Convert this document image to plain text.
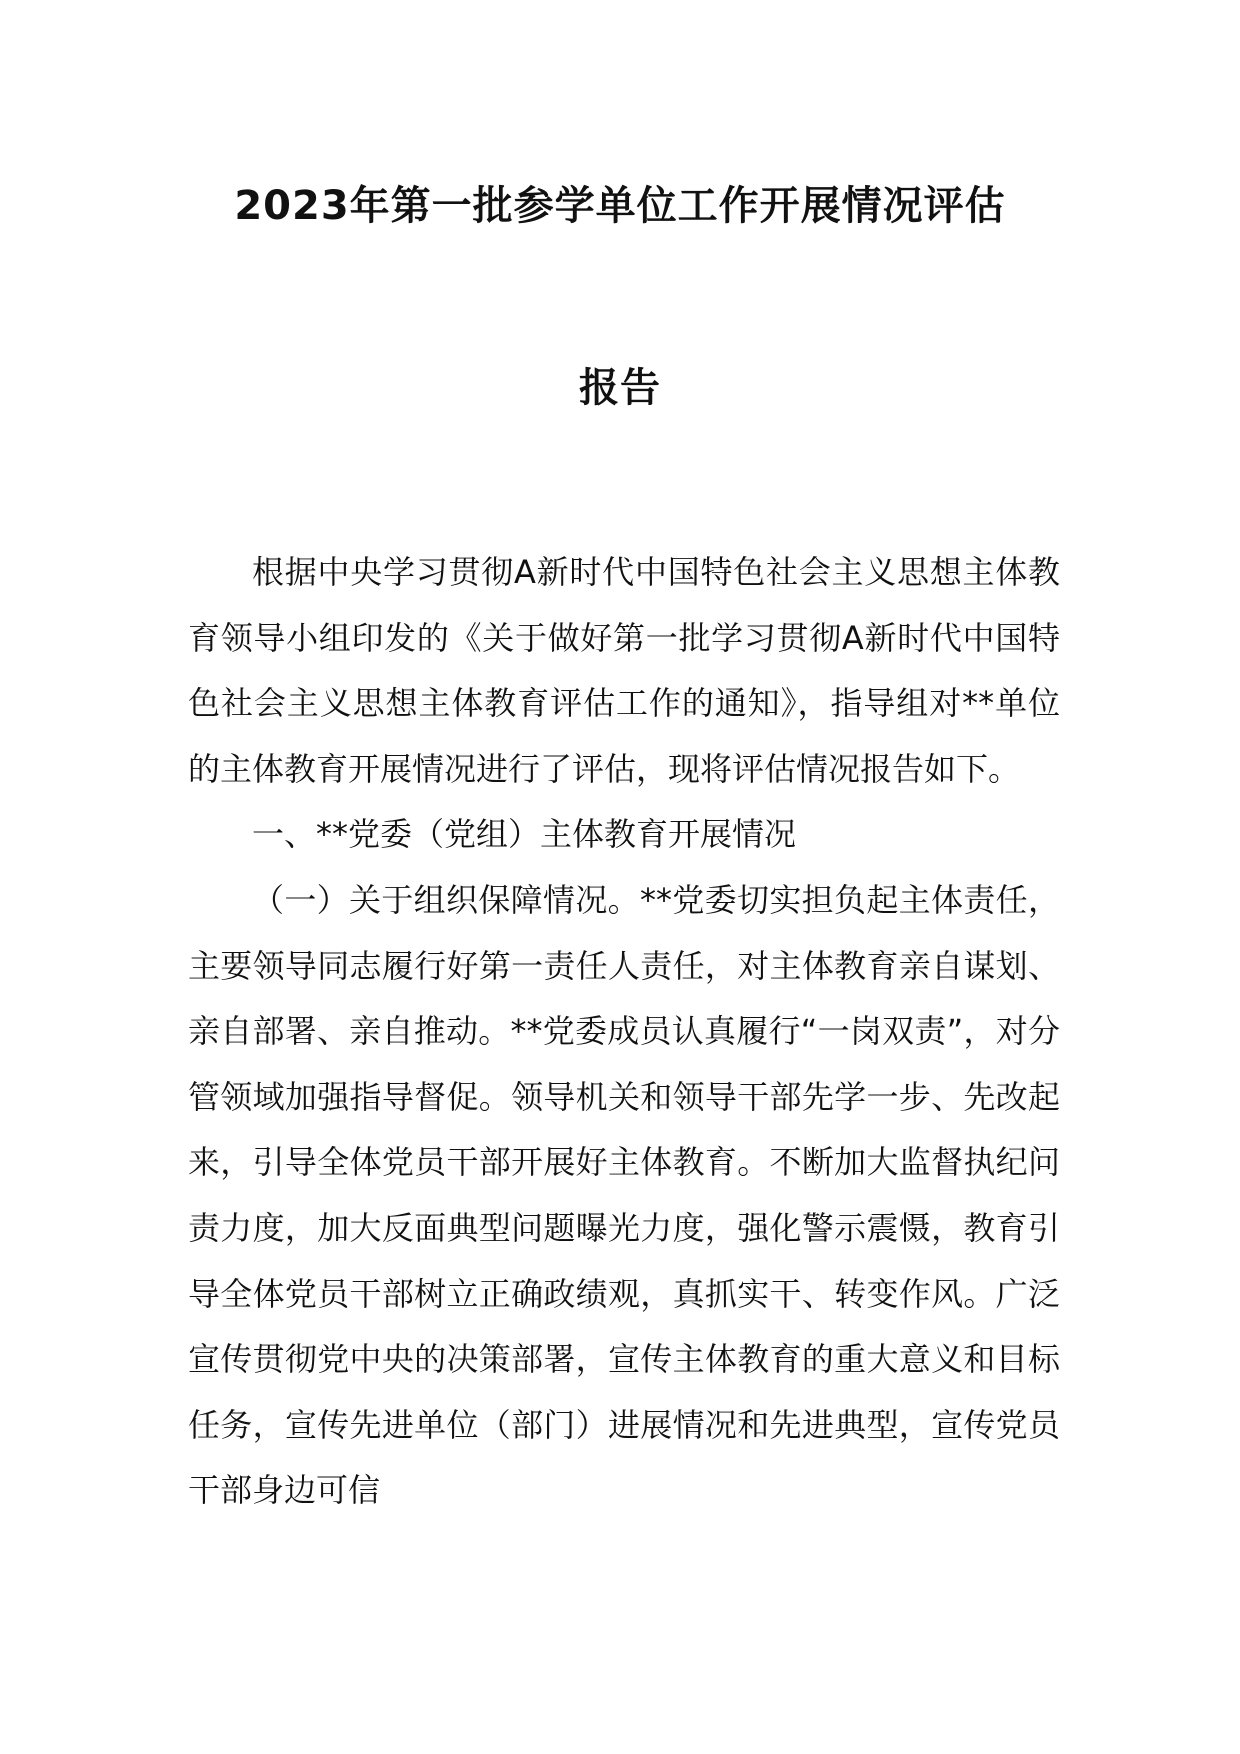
2023年第一批参学单位工作开展情况评估
报告

根据中央学习贯彻A新时代中国特色社会主义思想主体教育领导小组印发的《关于做好第一批学习贯彻A新时代中国特色社会主义思想主体教育评估工作的通知》，指导组对**单位的主体教育开展情况进行了评估，现将评估情况报告如下。

一、**党委（党组）主体教育开展情况

（一）关于组织保障情况。**党委切实担负起主体责任，主要领导同志履行好第一责任人责任，对主体教育亲自谋划、亲自部署、亲自推动。**党委成员认真履行“一岗双责”，对分管领域加强指导督促。领导机关和领导干部先学一步、先改起来，引导全体党员干部开展好主体教育。不断加大监督执纪问责力度，加大反面典型问题曝光力度，强化警示震慑，教育引导全体党员干部树立正确政绩观，真抓实干、转变作风。广泛宣传贯彻党中央的决策部署，宣传主体教育的重大意义和目标任务，宣传先进单位（部门）进展情况和先进典型，宣传党员干部身边可信
